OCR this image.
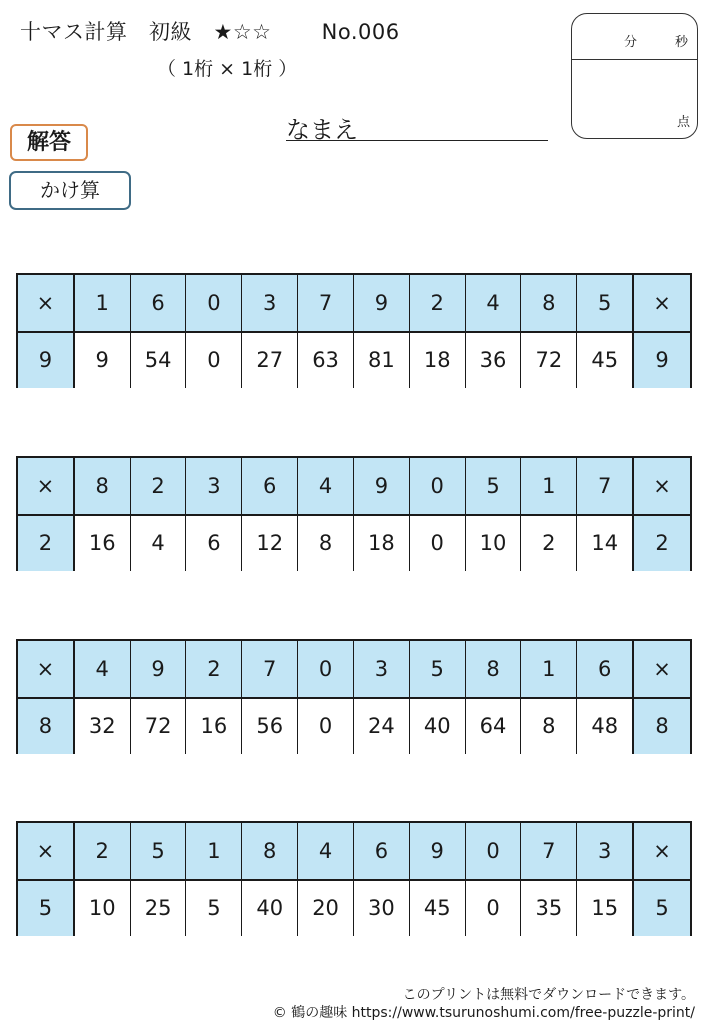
十マス計算　初級　★☆☆　　 No.006
（ 1桁 × 1桁 ）
分	秒
点
なまえ
解答
かけ算
×	1	6	0	3	7	9	2	4	8	5	×
9	9	54	0	27	63	81	18	36	72	45	9
×	8	2	3	6	4	9	0	5	1	7	×
2	16	4	6	12	8	18	0	10	2	14	2
×	4	9	2	7	0	3	5	8	1	6	×
8	32	72	16	56	0	24	40	64	8	48	8
×	2	5	1	8	4	6	9	0	7	3	×
5	10	25	5	40	20	30	45	0	35	15	5
このプリントは無料でダウンロードできます。
© 鶴の趣味 https://www.tsurunoshumi.com/free-puzzle-print/
